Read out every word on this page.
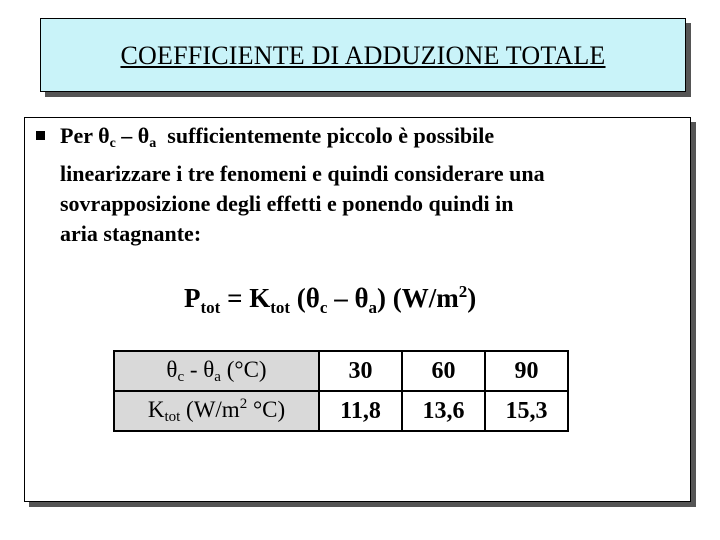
COEFFICIENTE DI ADDUZIONE TOTALE
Per $\theta_c - \theta_a$  sufficientemente piccolo è possibile
linearizzare i tre fenomeni e quindi considerare una
sovrapposizione degli effetti e ponendo quindi in
aria stagnante:
$P_{tot} = K_{tot}$ $(\theta_c - \theta_a)$ $(W/m^2)$
θc - θa (°C)	30	60	90
Ktot ($W/m^2$ °C)	11,8	13,6	15,3
